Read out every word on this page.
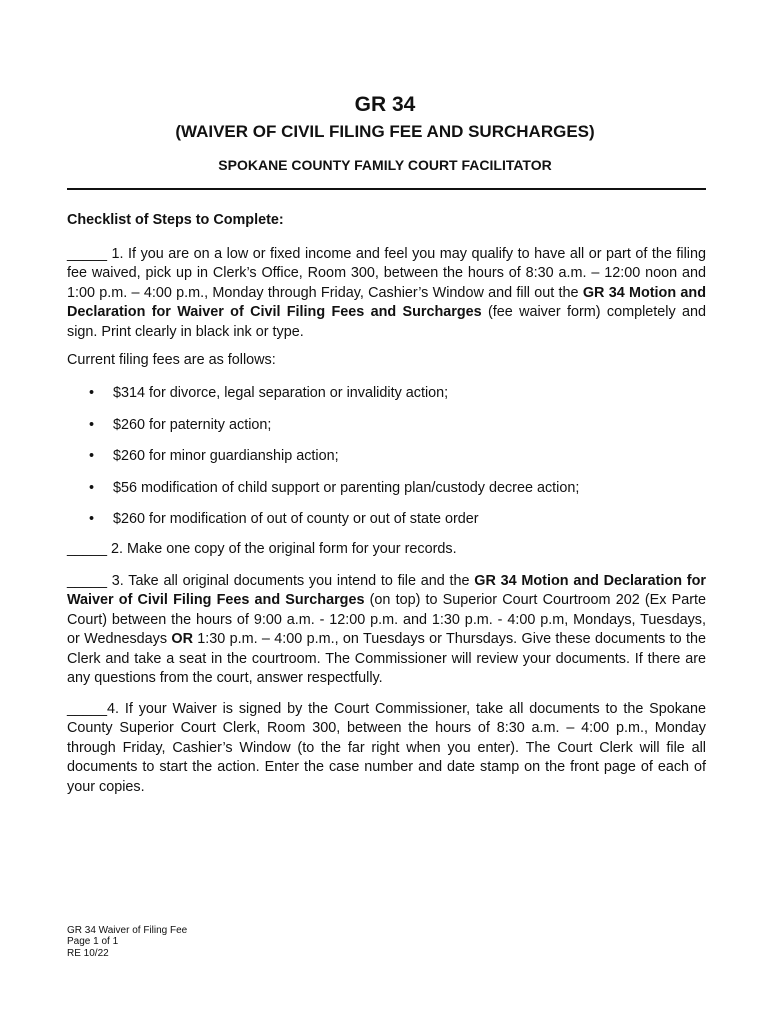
GR 34
(WAIVER OF CIVIL FILING FEE AND SURCHARGES)
SPOKANE COUNTY FAMILY COURT FACILITATOR
Checklist of Steps to Complete:
_____ 1. If you are on a low or fixed income and feel you may qualify to have all or part of the filing fee waived, pick up in Clerk’s Office, Room 300, between the hours of 8:30 a.m. – 12:00 noon and 1:00 p.m. – 4:00 p.m., Monday through Friday, Cashier’s Window and fill out the GR 34 Motion and Declaration for Waiver of Civil Filing Fees and Surcharges (fee waiver form) completely and sign. Print clearly in black ink or type.
Current filing fees are as follows:
• $314 for divorce, legal separation or invalidity action;
• $260 for paternity action;
• $260 for minor guardianship action;
• $56 modification of child support or parenting plan/custody decree action;
• $260 for modification of out of county or out of state order
_____ 2. Make one copy of the original form for your records.
_____ 3. Take all original documents you intend to file and the GR 34 Motion and Declaration for Waiver of Civil Filing Fees and Surcharges (on top) to Superior Court Courtroom 202 (Ex Parte Court) between the hours of 9:00 a.m. - 12:00 p.m. and 1:30 p.m. - 4:00 p.m, Mondays, Tuesdays, or Wednesdays OR 1:30 p.m. – 4:00 p.m., on Tuesdays or Thursdays. Give these documents to the Clerk and take a seat in the courtroom. The Commissioner will review your documents. If there are any questions from the court, answer respectfully.
_____4. If your Waiver is signed by the Court Commissioner, take all documents to the Spokane County Superior Court Clerk, Room 300, between the hours of 8:30 a.m. – 4:00 p.m., Monday through Friday, Cashier’s Window (to the far right when you enter). The Court Clerk will file all documents to start the action. Enter the case number and date stamp on the front page of each of your copies.
GR 34 Waiver of Filing Fee
Page 1 of 1
RE 10/22
